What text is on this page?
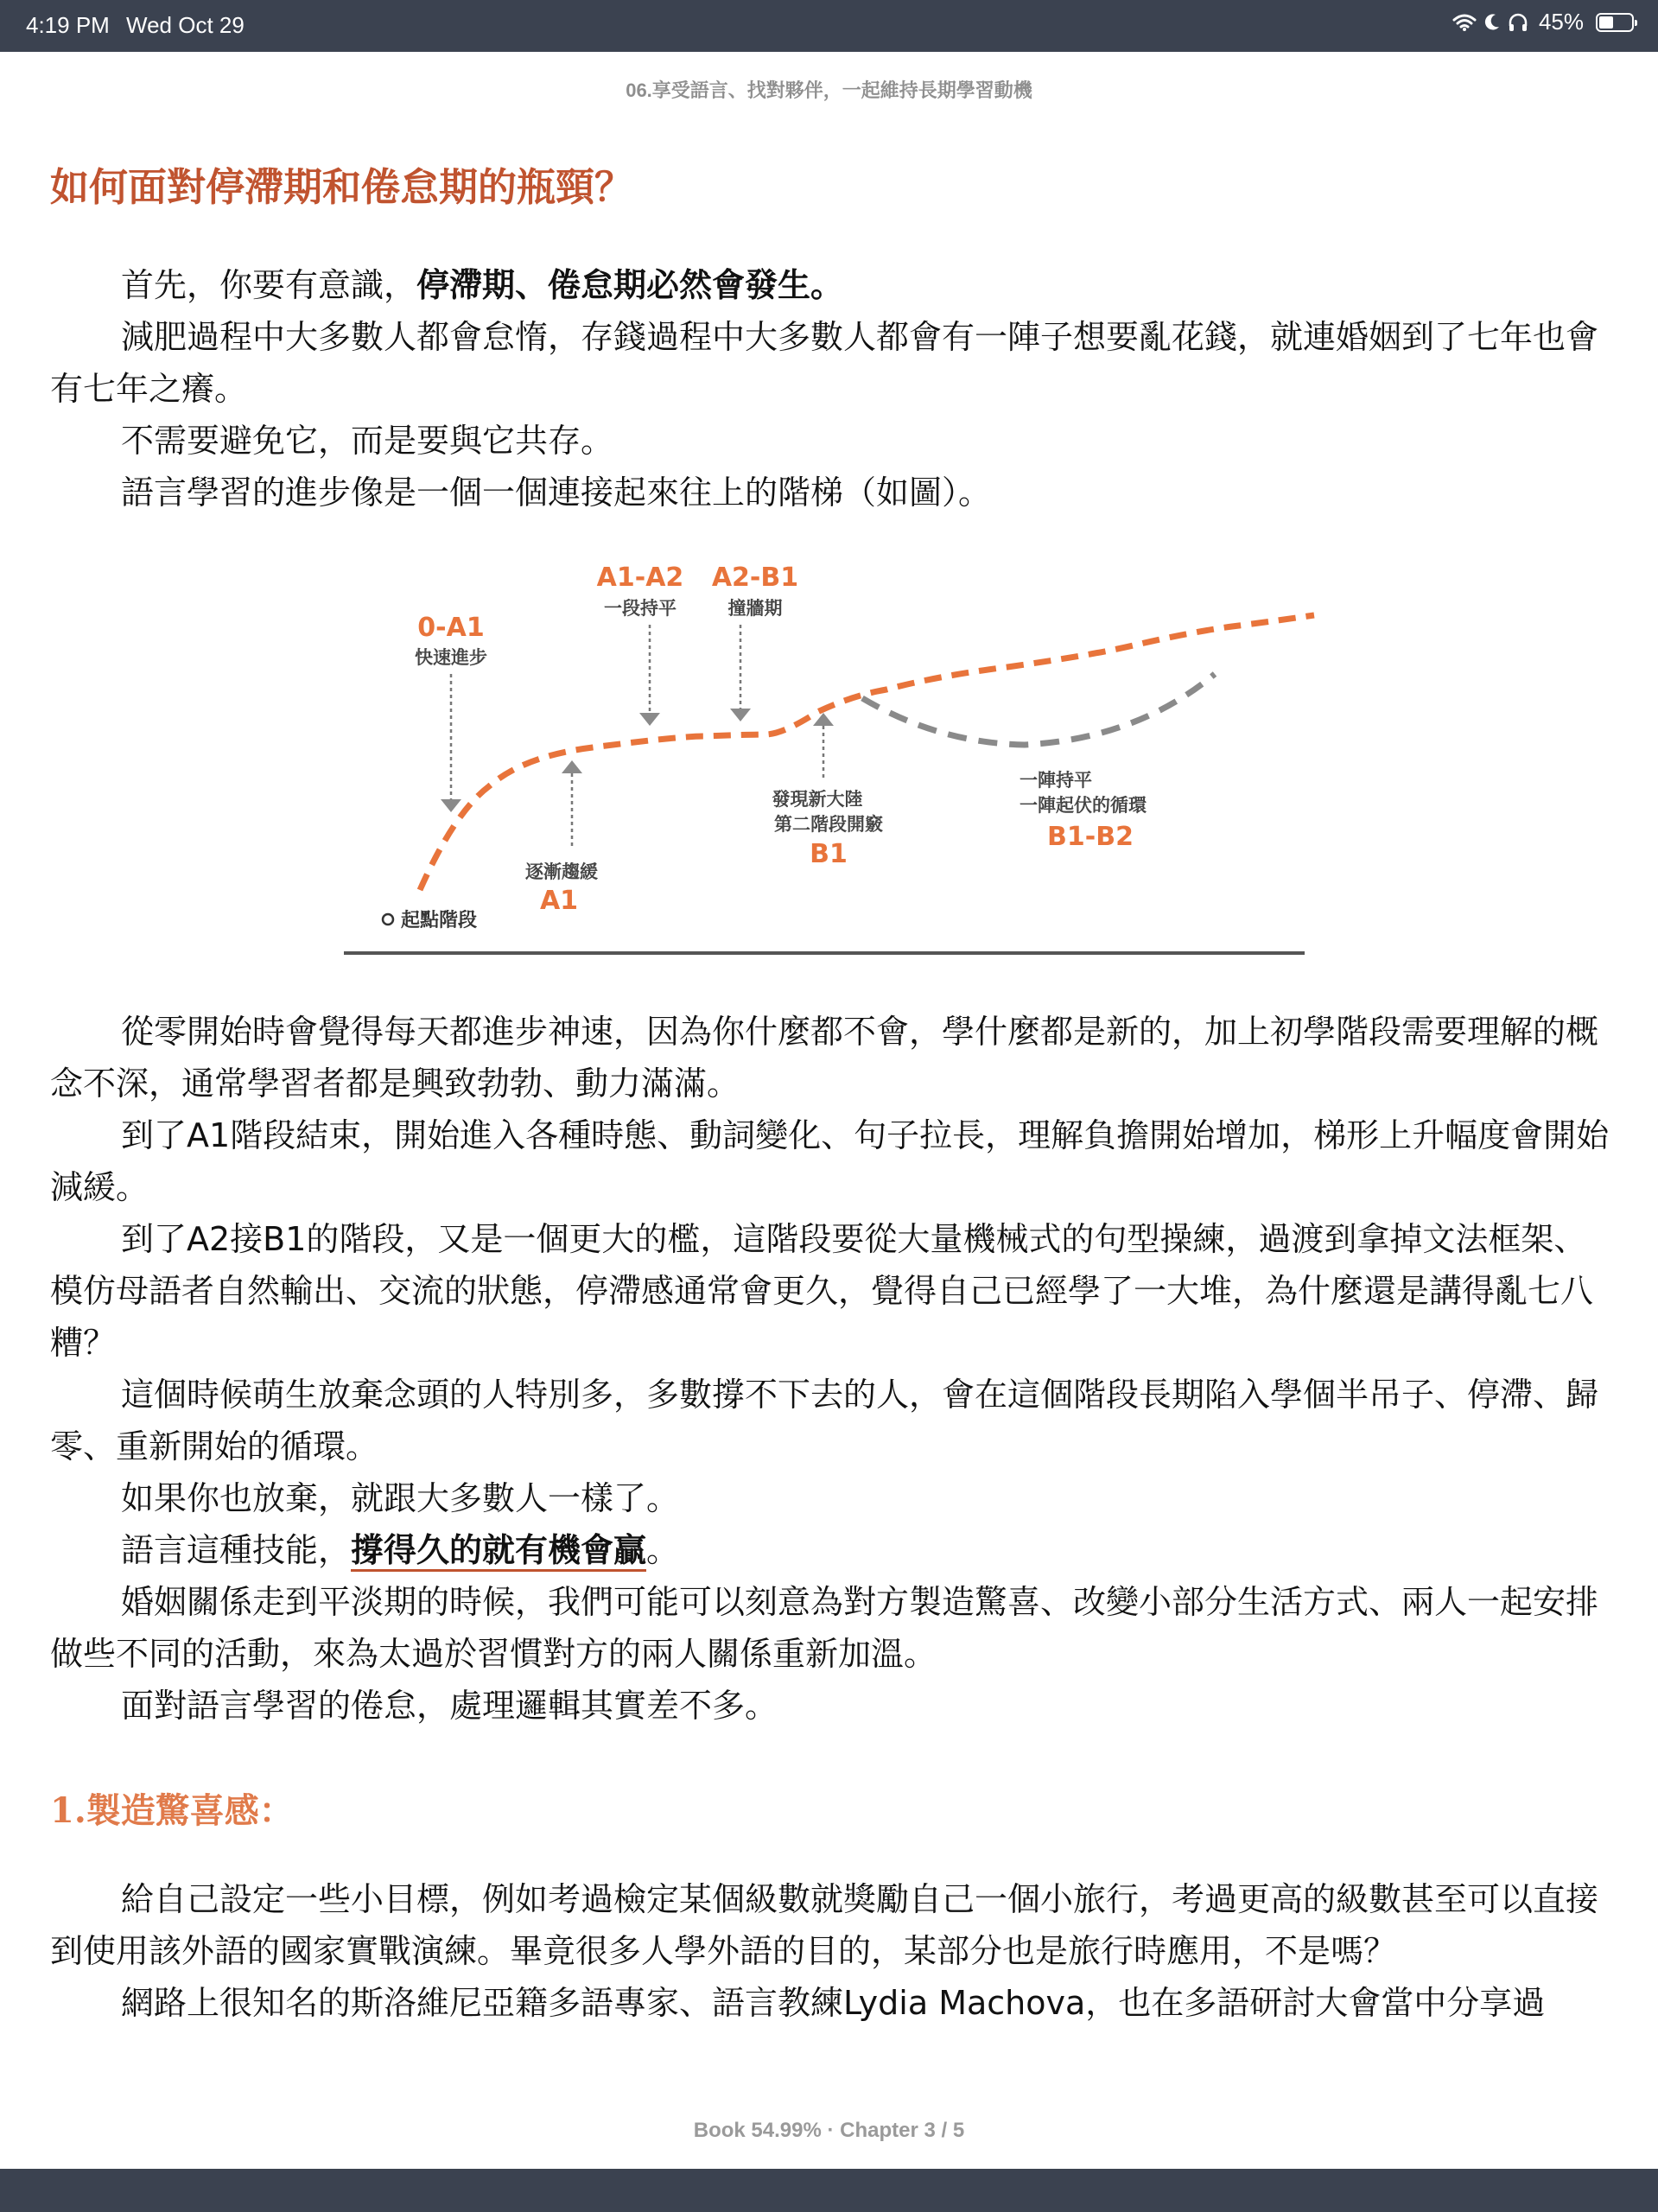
4:19 PM Wed Oct 29	45%
06.享受語言、找對夥伴，一起維持長期學習動機
如何面對停滯期和倦怠期的瓶頸？

首先，你要有意識，停滯期、倦怠期必然會發生。

減肥過程中大多數人都會怠惰，存錢過程中大多數人都會有一陣子想要亂花錢，就連婚姻到了七年也會有七年之癢。

不需要避免它，而是要與它共存。

語言學習的進步像是一個一個連接起來往上的階梯（如圖）。

起點階段
0-A1
快速進步
A1-A2
一段持平
A2-B1
撞牆期
逐漸趨緩
A1
發現新大陸
第二階段開竅
B1
一陣持平
一陣起伏的循環
B1-B2

從零開始時會覺得每天都進步神速，因為你什麼都不會，學什麼都是新的，加上初學階段需要理解的概念不深，通常學習者都是興致勃勃、動力滿滿。

到了A1階段結束，開始進入各種時態、動詞變化、句子拉長，理解負擔開始增加，梯形上升幅度會開始減緩。

到了A2接B1的階段，又是一個更大的檻，這階段要從大量機械式的句型操練，過渡到拿掉文法框架、模仿母語者自然輸出、交流的狀態，停滯感通常會更久，覺得自己已經學了一大堆，為什麼還是講得亂七八糟？

這個時候萌生放棄念頭的人特別多，多數撐不下去的人，會在這個階段長期陷入學個半吊子、停滯、歸零、重新開始的循環。

如果你也放棄，就跟大多數人一樣了。

語言這種技能，撐得久的就有機會贏。

婚姻關係走到平淡期的時候，我們可能可以刻意為對方製造驚喜、改變小部分生活方式、兩人一起安排做些不同的活動，來為太過於習慣對方的兩人關係重新加溫。

面對語言學習的倦怠，處理邏輯其實差不多。

1.製造驚喜感：

給自己設定一些小目標，例如考過檢定某個級數就獎勵自己一個小旅行，考過更高的級數甚至可以直接到使用該外語的國家實戰演練。畢竟很多人學外語的目的，某部分也是旅行時應用，不是嗎？

網路上很知名的斯洛維尼亞籍多語專家、語言教練Lydia Machova，也在多語研討大會當中分享過

Book 54.99% · Chapter 3 / 5
